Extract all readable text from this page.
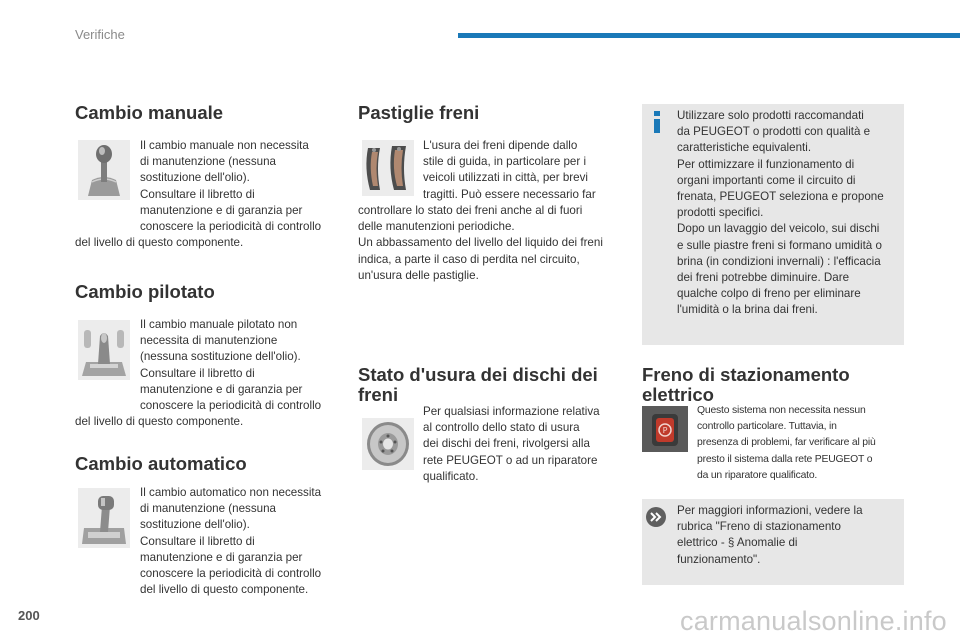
Verifiche
Cambio manuale

Il cambio manuale non necessita

di manutenzione (nessuna

sostituzione dell'olio).

Consultare il libretto di

manutenzione e di garanzia per

conoscere la periodicità di controllo

del livello di questo componente.

Cambio pilotato

Il cambio manuale pilotato non

necessita di manutenzione

(nessuna sostituzione dell'olio).

Consultare il libretto di

manutenzione e di garanzia per

conoscere la periodicità di controllo

del livello di questo componente.

Cambio automatico

Il cambio automatico non necessita

di manutenzione (nessuna

sostituzione dell'olio).

Consultare il libretto di

manutenzione e di garanzia per

conoscere la periodicità di controllo

del livello di questo componente.

Pastiglie freni

L'usura dei freni dipende dallo

stile di guida, in particolare per i

veicoli utilizzati in città, per brevi

tragitti. Può essere necessario far

controllare lo stato dei freni anche al di fuori

delle manutenzioni periodiche.

Un abbassamento del livello del liquido dei freni

indica, a parte il caso di perdita nel circuito,

un'usura delle pastiglie.

Stato d'usura dei dischi dei
freni

Per qualsiasi informazione relativa

al controllo dello stato di usura

dei dischi dei freni, rivolgersi alla

rete PEUGEOT o ad un riparatore

qualificato.

Utilizzare solo prodotti raccomandati

da PEUGEOT o prodotti con qualità e

caratteristiche equivalenti.

Per ottimizzare il funzionamento di

organi importanti come il circuito di

frenata, PEUGEOT seleziona e propone

prodotti specifici.

Dopo un lavaggio del veicolo, sui dischi

e sulle piastre freni si formano umidità o

brina (in condizioni invernali) : l'efficacia

dei freni potrebbe diminuire. Dare

qualche colpo di freno per eliminare

l'umidità o la brina dai freni.

Freno di stazionamento
elettrico
P

Questo sistema non necessita nessun

controllo particolare. Tuttavia, in

presenza di problemi, far verificare al più

presto il sistema dalla rete PEUGEOT o

da un riparatore qualificato.

Per maggiori informazioni, vedere la

rubrica "Freno di stazionamento

elettrico - § Anomalie di

funzionamento".

200	carmanualsonline.info
